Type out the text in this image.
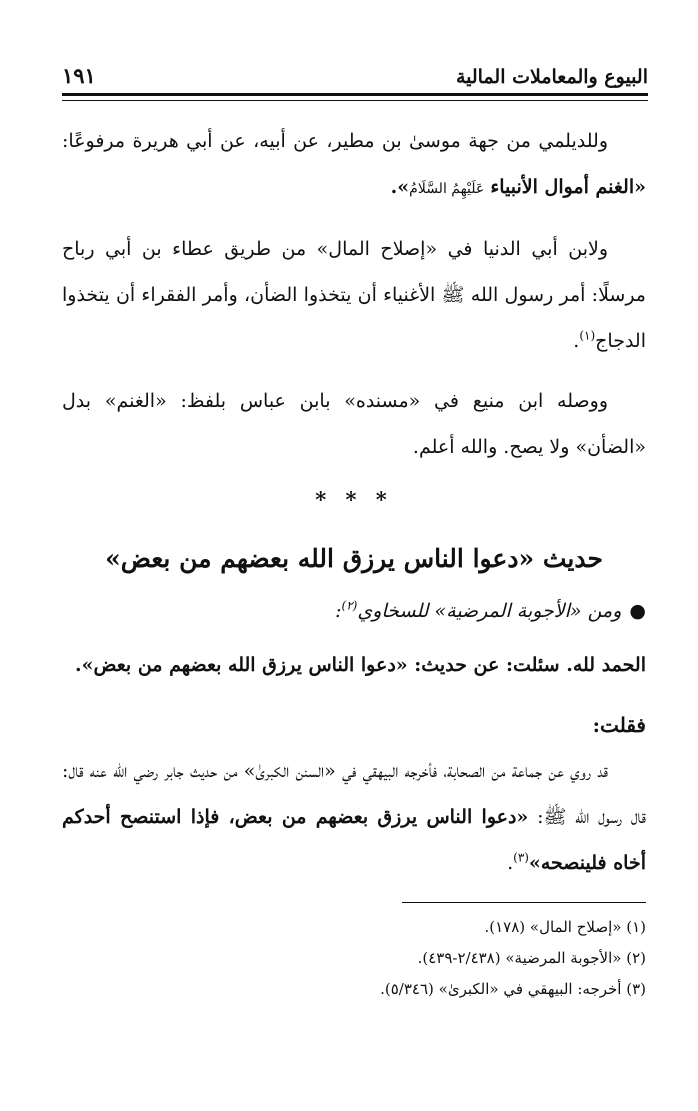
البيوع والمعاملات المالية
١٩١

وللديلمي من جهة موسىٰ بن مطير، عن أبيه، عن أبي هريرة مرفوعًا: «الغنم أموال الأنبياء عَلَيْهِمُ السَّلَامُ».

ولابن أبي الدنيا في «إصلاح المال» من طريق عطاء بن أبي رباح مرسلًا: أمر رسول الله ﷺ الأغنياء أن يتخذوا الضأن، وأمر الفقراء أن يتخذوا الدجاج$^{(١)}$.

ووصله ابن منيع في «مسنده» بابن عباس بلفظ: «الغنم» بدل «الضأن» ولا يصح. والله أعلم.

* * *
حديث «دعوا الناس يرزق الله بعضهم من بعض»
●ومن «الأجوبة المرضية» للسخاوي$^{(٢)}$:

الحمد لله. سئلت: عن حديث: «دعوا الناس يرزق الله بعضهم من بعض».

فقلت:

قد روي عن جماعة من الصحابة، فأخرجه البيهقي في «السنن الكبرىٰ» من حديث جابر رضي الله عنه قال: قال رسول الله ﷺ: «دعوا الناس يرزق بعضهم من بعض، فإذا استنصح أحدكم أخاه فلينصحه»$^{(٣)}$.

(١) «إصلاح المال» (١٧٨).
(٢) «الأجوبة المرضية» (٢/٤٣٨-٤٣٩).
(٣) أخرجه: البيهقي في «الكبرىٰ» (٥/٣٤٦).
